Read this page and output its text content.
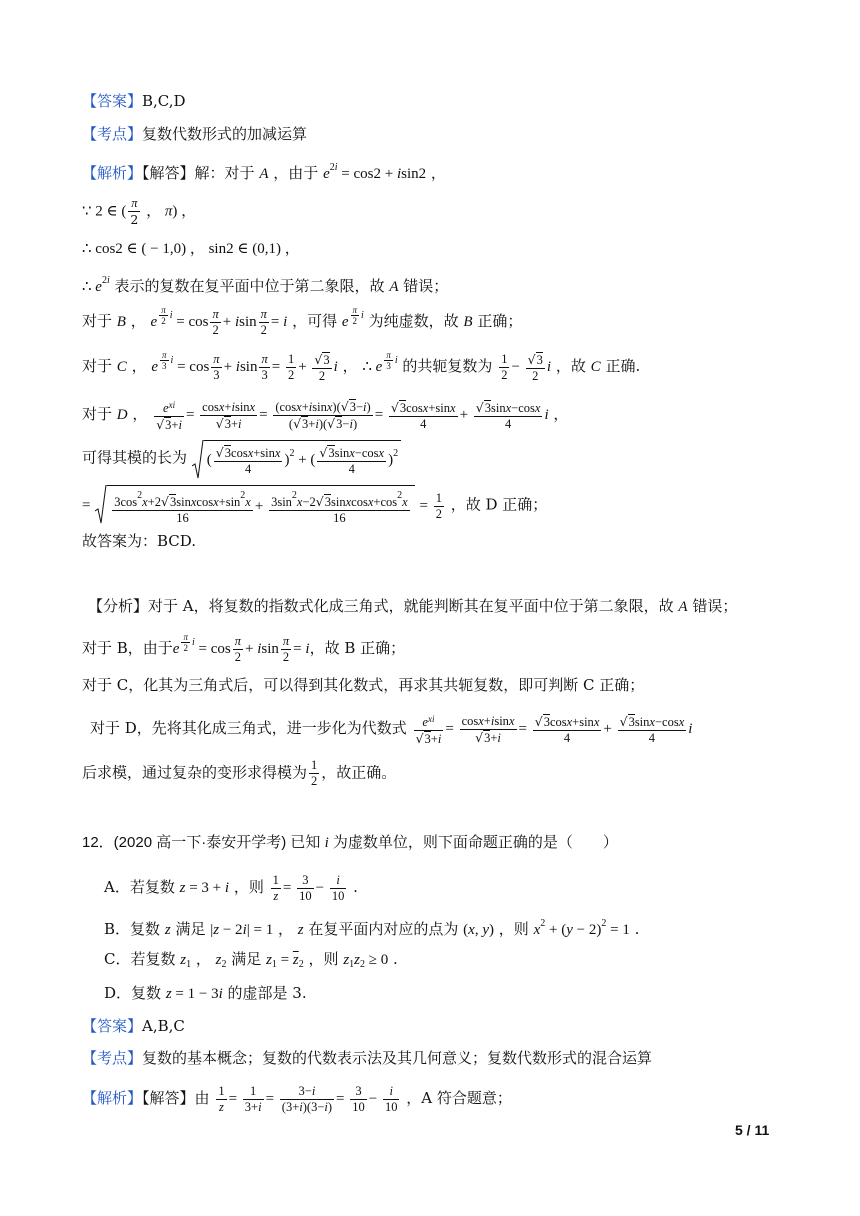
【答案】B,C,D
【考点】复数代数形式的加减运算
【解析】【解答】解：对于 A ，由于 $e^{2i} = \cos 2 + isin2$ ，
∵ 2 ∈ ( $\frac{\pi}{2}$ ， π) ，
∴ cos2 ∈ ( − 1,0) ， sin2 ∈ (0,1) ，
∴ $e^{2i}$ 表示的复数在复平面中位于第二象限，故 A 错误；
对于 B ， e $^{\frac{\pi}{2} i} = \cos \frac{\pi}{2} + isin \frac{\pi}{2} = i$ ，可得 e $^{\frac{\pi}{2} i}$ 为纯虚数，故 B 正确；
对于 C ， e $^{\frac{\pi}{3} i} = \cos \frac{\pi}{3} + isin \frac{\pi}{3} = \frac{1}{2} + \frac{√3}{2}$ i ， ∴ e $^{\frac{\pi}{3} i}$ 的共轭复数为 $\frac{1}{2} - \frac{√3}{2}$ i ，故 C 正确.
对于 D ， $\frac{e^{xi}}{√3+i} = \frac{\cos x+isinx}{√3+i} = \frac{(\cos x+isinx)(√3-i)}{(√3+i)(√3-i)} = \frac{√3\cos x+\sin x}{4} + \frac{√3\sin x-\cos x}{4}$ i ，
可得其模的长为 ( $\frac{√3\cos x+\sin x}{4} )^2$ + ( $\frac{√3\sin x-\cos x}{4} )^2$
= $\frac{3\cos^2x+2√3sinxcosx+\sin^2x}{16} + \frac{3\sin^2x-2√3sinxcosx+\cos^2x}{16} = \frac{1}{2}$ ，故 D 正确；
故答案为：BCD.
【分析】对于 A，将复数的指数式化成三角式，就能判断其在复平面中位于第二象限，故 A 错误；
对于 B，由于e $^{\frac{\pi}{2} i} = \cos \frac{\pi}{2} + isin \frac{\pi}{2} = i$，故 B 正确；
对于 C，化其为三角式后，可以得到其化数式，再求其共轭复数，即可判断 C 正确；
对于 D，先将其化成三角式，进一步化为代数式 $\frac{e^{xi}}{√3+i} = \frac{\cos x+isinx}{√3+i} = \frac{√3\cos x+\sin x}{4} + \frac{√3\sin x-\cos x}{4}$ i
后求模，通过复杂的变形求得模为 $\frac{1}{2}$ ，故正确。
12．(2020 高一下·泰安开学考) 已知 i 为虚数单位，则下面命题正确的是（　　）
A．若复数 z = 3 + i ，则 $\frac{1}{z} = \frac{3}{10} - \frac{i}{10}$ .
B．复数 z 满足 |z − 2i| = 1 ， z 在复平面内对应的点为 (x, y) ，则 $x^2 + (y - 2)^2 = 1$ .
C．若复数 $z_1$ ， $z_2$ 满足 $z_1 = \overline{z}_2$ ，则 $z_1z_2 \ge 0$ .
D．复数 z = 1 − 3i 的虚部是 3.
【答案】A,B,C
【考点】复数的基本概念；复数的代数表示法及其几何意义；复数代数形式的混合运算
【解析】【解答】由 $\frac{1}{z} = \frac{1}{3+i} = \frac{3-i}{(3+i)(3-i)} = \frac{3}{10} - \frac{i}{10}$ ，A 符合题意；
5 / 11
